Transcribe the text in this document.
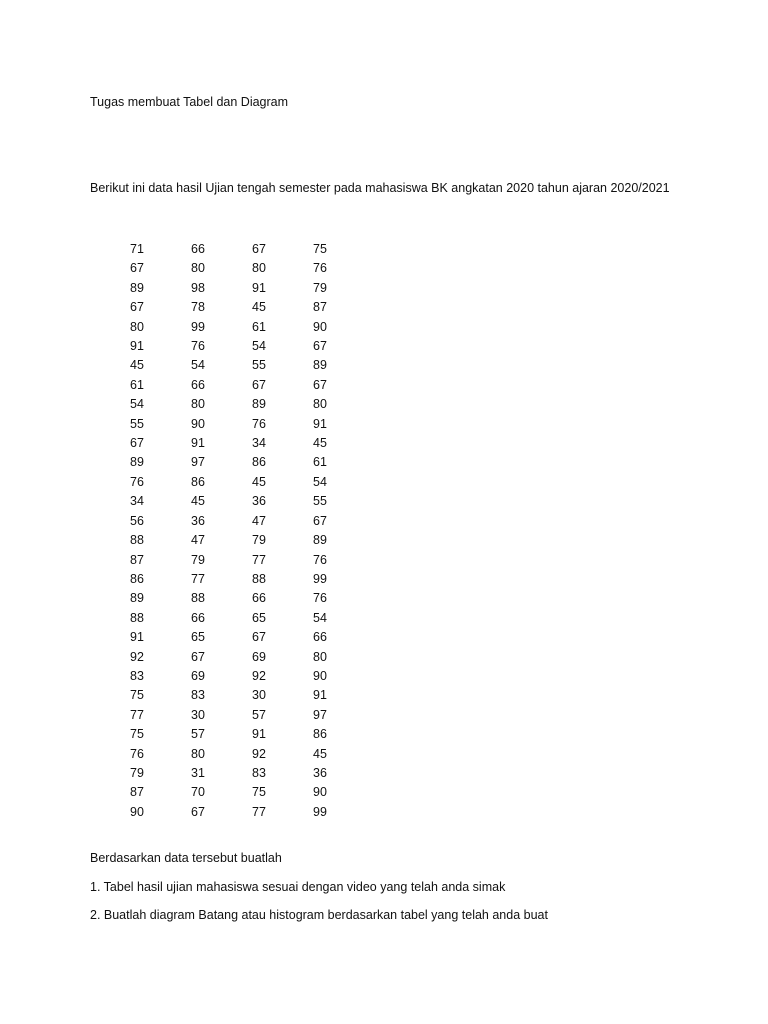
Tugas membuat Tabel dan Diagram
Berikut ini data hasil Ujian tengah semester pada mahasiswa BK angkatan 2020 tahun ajaran 2020/2021
71	66	67	75
67	80	80	76
89	98	91	79
67	78	45	87
80	99	61	90
91	76	54	67
45	54	55	89
61	66	67	67
54	80	89	80
55	90	76	91
67	91	34	45
89	97	86	61
76	86	45	54
34	45	36	55
56	36	47	67
88	47	79	89
87	79	77	76
86	77	88	99
89	88	66	76
88	66	65	54
91	65	67	66
92	67	69	80
83	69	92	90
75	83	30	91
77	30	57	97
75	57	91	86
76	80	92	45
79	31	83	36
87	70	75	90
90	67	77	99
Berdasarkan data tersebut buatlah
1. Tabel hasil ujian mahasiswa sesuai dengan video yang telah anda simak
2. Buatlah diagram Batang atau histogram berdasarkan tabel yang telah anda buat
